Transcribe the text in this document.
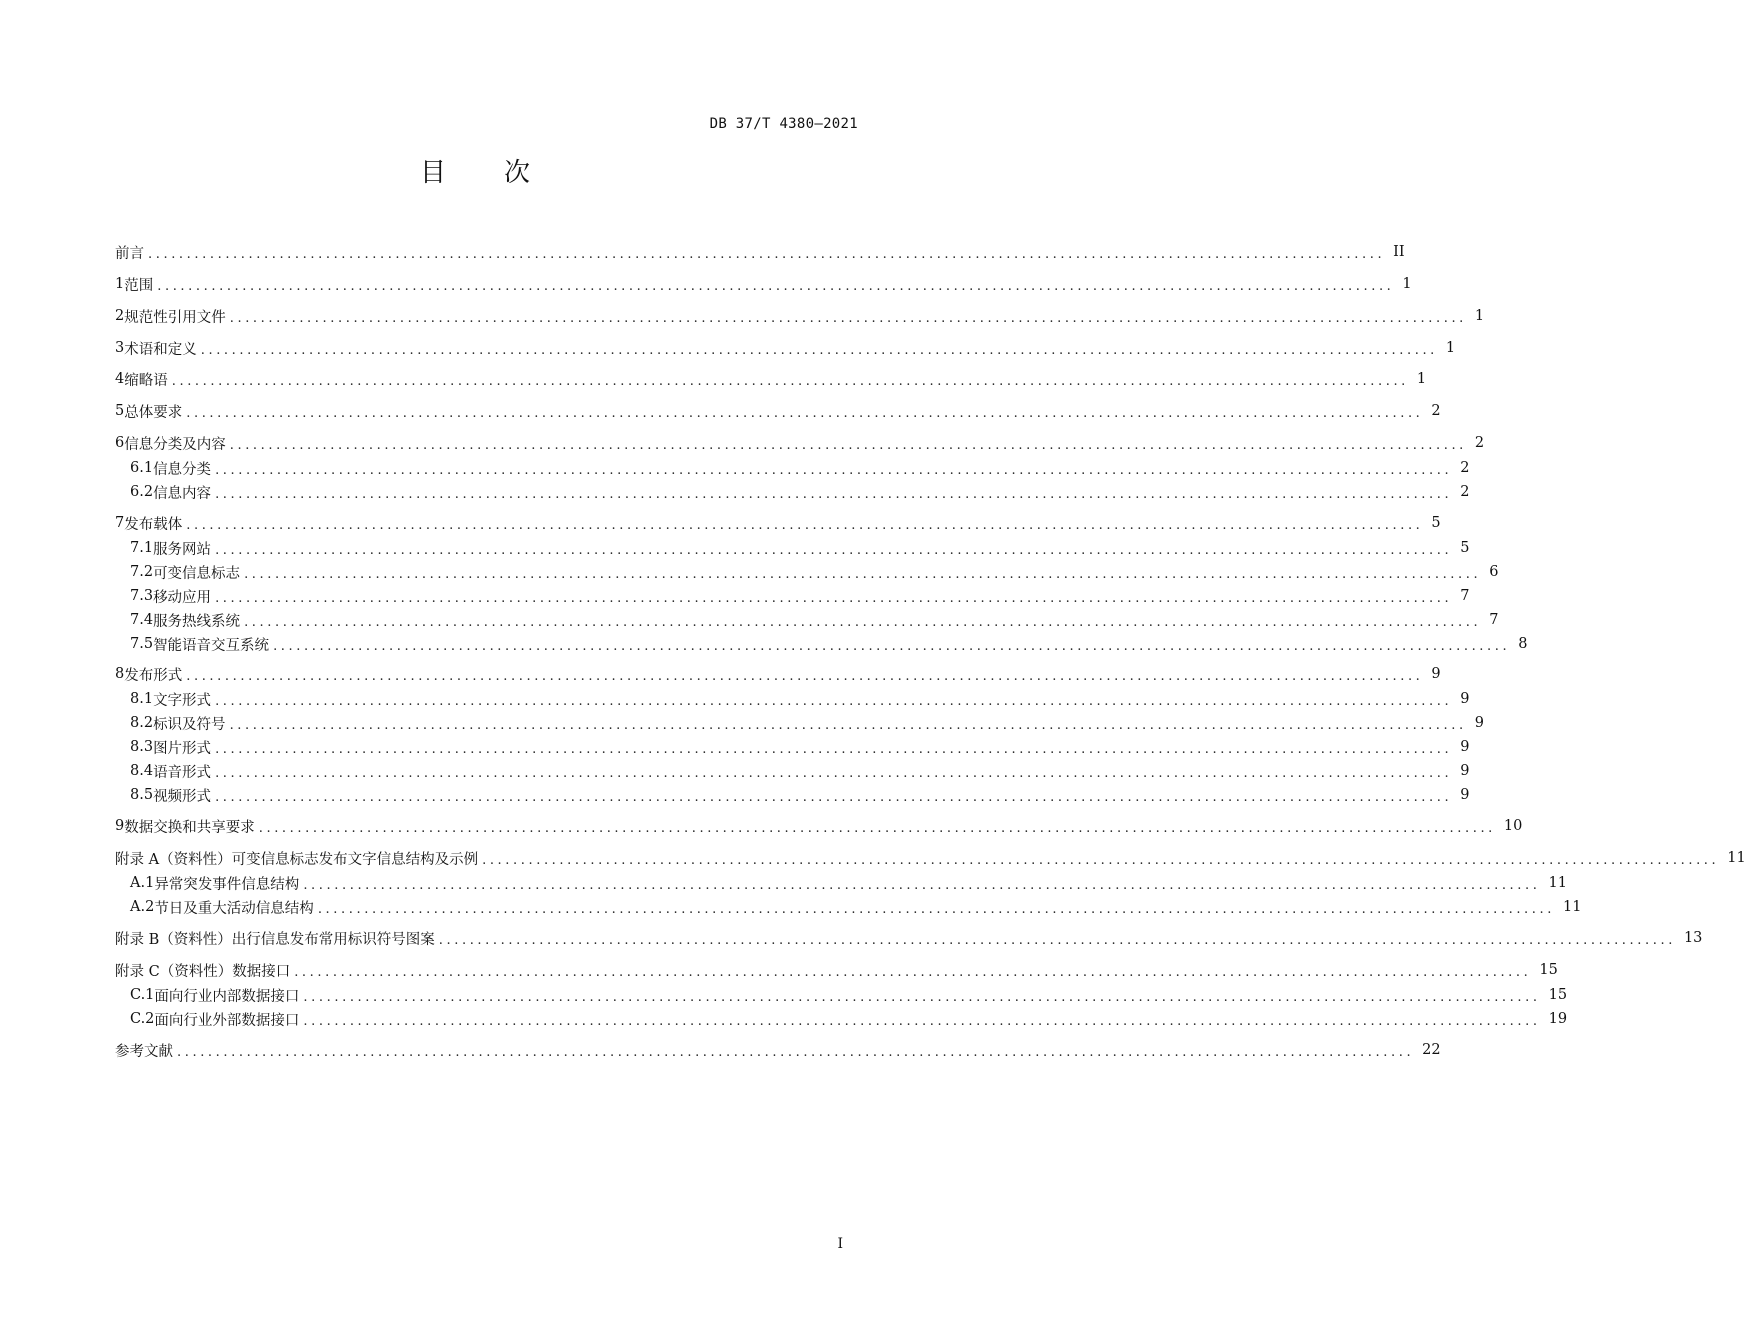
DB 37/T 4380—2021
目 次
前言 ................................................................................................................................................................ II
1 范围 ................................................................................................................................................................ 1
2 规范性引用文件 ................................................................................................................................................................ 1
3 术语和定义 ................................................................................................................................................................ 1
4 缩略语 ................................................................................................................................................................ 1
5 总体要求 ................................................................................................................................................................ 2
6 信息分类及内容 ................................................................................................................................................................ 2
6.1 信息分类 ................................................................................................................................................................ 2
6.2 信息内容 ................................................................................................................................................................ 2
7 发布载体 ................................................................................................................................................................ 5
7.1 服务网站 ................................................................................................................................................................ 5
7.2 可变信息标志 ................................................................................................................................................................ 6
7.3 移动应用 ................................................................................................................................................................ 7
7.4 服务热线系统 ................................................................................................................................................................ 7
7.5 智能语音交互系统 ................................................................................................................................................................ 8
8 发布形式 ................................................................................................................................................................ 9
8.1 文字形式 ................................................................................................................................................................ 9
8.2 标识及符号 ................................................................................................................................................................ 9
8.3 图片形式 ................................................................................................................................................................ 9
8.4 语音形式 ................................................................................................................................................................ 9
8.5 视频形式 ................................................................................................................................................................ 9
9 数据交换和共享要求 ................................................................................................................................................................ 10
附录 A（资料性） 可变信息标志发布文字信息结构及示例 ................................................................................................................................................................ 11
A.1 异常突发事件信息结构 ................................................................................................................................................................ 11
A.2 节日及重大活动信息结构 ................................................................................................................................................................ 11
附录 B（资料性） 出行信息发布常用标识符号图案 ................................................................................................................................................................ 13
附录 C（资料性） 数据接口 ................................................................................................................................................................ 15
C.1 面向行业内部数据接口 ................................................................................................................................................................ 15
C.2 面向行业外部数据接口 ................................................................................................................................................................ 19
参考文献 ................................................................................................................................................................ 22
I
